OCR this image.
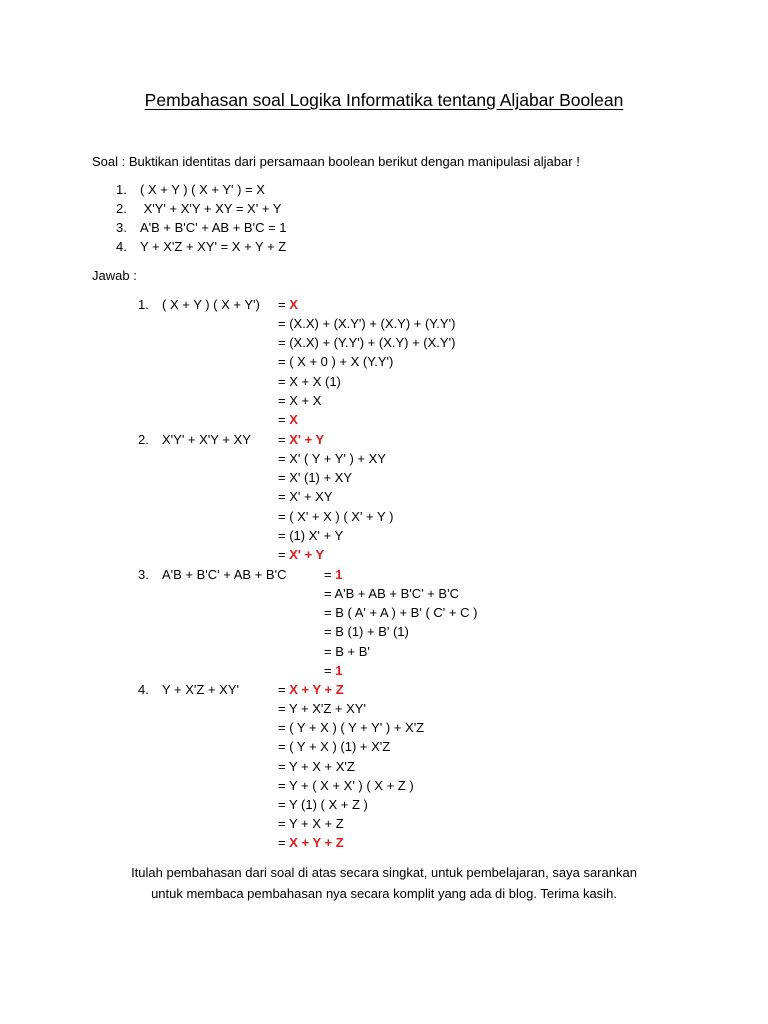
Pembahasan soal Logika Informatika tentang Aljabar Boolean
Soal : Buktikan identitas dari persamaan boolean berikut dengan manipulasi aljabar !
1. ( X + Y ) ( X + Y' ) = X
2. X'Y' + X'Y + XY = X' + Y
3. A'B + B'C' + AB + B'C = 1
4. Y + X'Z + XY' = X + Y + Z
Jawab :
1. ( X + Y ) ( X + Y') = X
= (X.X) + (X.Y') + (X.Y) + (Y.Y')
= (X.X) + (Y.Y') + (X.Y) + (X.Y')
= ( X + 0 ) + X (Y.Y')
= X + X (1)
= X + X
= X
2. X'Y' + X'Y + XY = X' + Y
= X' ( Y + Y' ) + XY
= X' (1) + XY
= X' + XY
= ( X' + X ) ( X' + Y )
= (1) X' + Y
= X' + Y
3. A'B + B'C' + AB + B'C	= 1
= A'B + AB + B'C' + B'C
= B ( A' + A ) + B' ( C' + C )
= B (1) + B' (1)
= B + B'
= 1
4. Y + X'Z + XY'	= X + Y + Z
= Y + X'Z + XY'
= ( Y + X ) ( Y + Y' ) + X'Z
= ( Y + X ) (1) + X'Z
= Y + X + X'Z
= Y + ( X + X' ) ( X + Z )
= Y (1) ( X + Z )
= Y + X + Z
= X + Y + Z
Itulah pembahasan dari soal di atas secara singkat, untuk pembelajaran, saya sarankan
untuk membaca pembahasan nya secara komplit yang ada di blog. Terima kasih.
